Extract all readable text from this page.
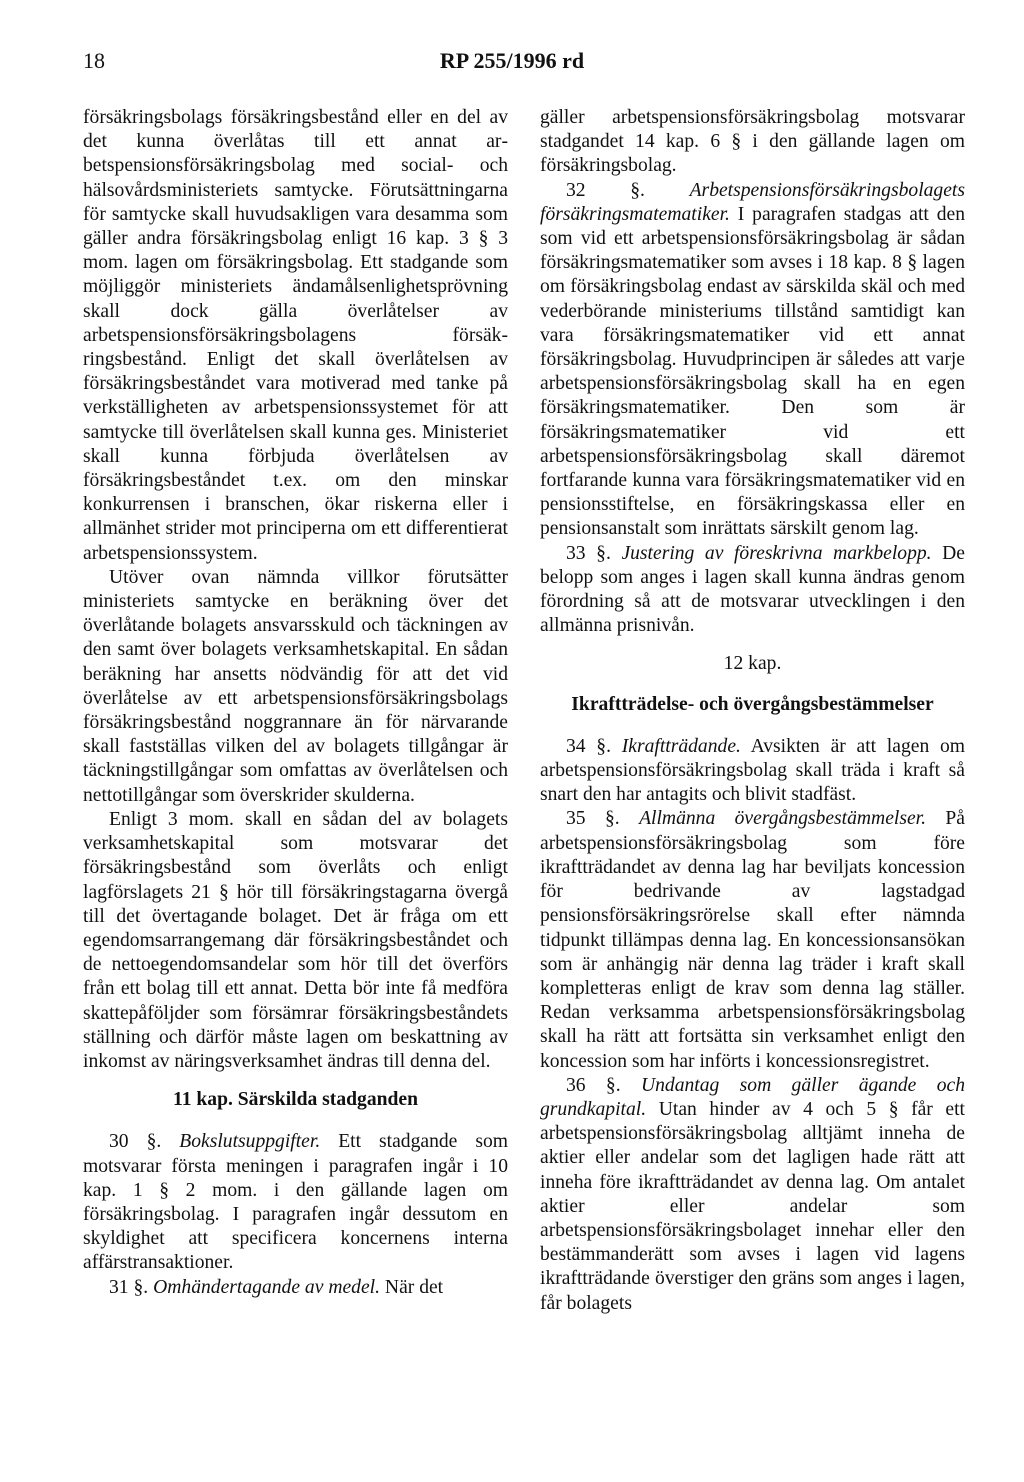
18	RP 255/1996 rd

försäkringsbolags försäkringsbestånd eller en del av det kunna överlåtas till ett annat arbetspensionsförsäkringsbolag med social- och hälsovårdsministeriets samtycke. Förutsättningarna för samtycke skall huvudsakligen vara desamma som gäller andra försäkringsbolag enligt 16 kap. 3 § 3 mom. lagen om försäkringsbolag. Ett stadgande som möjliggör ministeriets ändamålsenlighetsprövning skall dock gälla överlåtelser av arbetspensionsförsäkringsbolagens försäkringsbestånd. Enligt det skall överlåtelsen av försäkringsbeståndet vara motiverad med tanke på verkställigheten av arbetspensionssystemet för att samtycke till överlåtelsen skall kunna ges. Ministeriet skall kunna förbjuda överlåtelsen av försäkringsbeståndet t.ex. om den minskar konkurrensen i branschen, ökar riskerna eller i allmänhet strider mot principerna om ett differentierat arbetspensionssystem.

Utöver ovan nämnda villkor förutsätter ministeriets samtycke en beräkning över det överlåtande bolagets ansvarsskuld och täckningen av den samt över bolagets verksamhetskapital. En sådan beräkning har ansetts nödvändig för att det vid överlåtelse av ett arbetspensionsförsäkringsbolags försäkringsbestånd noggrannare än för närvarande skall fastställas vilken del av bolagets tillgångar är täckningstillgångar som omfattas av överlåtelsen och nettotillgångar som överskrider skulderna.

Enligt 3 mom. skall en sådan del av bolagets verksamhetskapital som motsvarar det försäkringsbestånd som överlåts och enligt lagförslagets 21 § hör till försäkringstagarna övergå till det övertagande bolaget. Det är fråga om ett egendomsarrangemang där försäkringsbeståndet och de nettoegendomsandelar som hör till det överförs från ett bolag till ett annat. Detta bör inte få medföra skattepåföljder som försämrar försäkringsbeståndets ställning och därför måste lagen om beskattning av inkomst av näringsverksamhet ändras till denna del.

11 kap. Särskilda stadganden

30 §. Bokslutsuppgifter. Ett stadgande som motsvarar första meningen i paragrafen ingår i 10 kap. 1 § 2 mom. i den gällande lagen om försäkringsbolag. I paragrafen ingår dessutom en skyldighet att specificera koncernens interna affärstransaktioner.

31 §. Omhändertagande av medel. När det

gäller arbetspensionsförsäkringsbolag motsvarar stadgandet 14 kap. 6 § i den gällande lagen om försäkringsbolag.

32 §. Arbetspensionsförsäkringsbolagets försäkringsmatematiker. I paragrafen stadgas att den som vid ett arbetspensionsförsäkringsbolag är sådan försäkringsmatematiker som avses i 18 kap. 8 § lagen om försäkringsbolag endast av särskilda skäl och med vederbörande ministeriums tillstånd samtidigt kan vara försäkringsmatematiker vid ett annat försäkringsbolag. Huvudprincipen är således att varje arbetspensionsförsäkringsbolag skall ha en egen försäkringsmatematiker. Den som är försäkringsmatematiker vid ett arbetspensionsförsäkringsbolag skall däremot fortfarande kunna vara försäkringsmatematiker vid en pensionsstiftelse, en försäkringskassa eller en pensionsanstalt som inrättats särskilt genom lag.

33 §. Justering av föreskrivna markbelopp. De belopp som anges i lagen skall kunna ändras genom förordning så att de motsvarar utvecklingen i den allmänna prisnivån.

12 kap.

Ikraftträdelse- och övergångsbestämmelser

34 §. Ikraftträdande. Avsikten är att lagen om arbetspensionsförsäkringsbolag skall träda i kraft så snart den har antagits och blivit stadfäst.

35 §. Allmänna övergångsbestämmelser. På arbetspensionsförsäkringsbolag som före ikraftträdandet av denna lag har beviljats koncession för bedrivande av lagstadgad pensionsförsäkringsrörelse skall efter nämnda tidpunkt tillämpas denna lag. En koncessionsansökan som är anhängig när denna lag träder i kraft skall kompletteras enligt de krav som denna lag ställer. Redan verksamma arbetspensionsförsäkringsbolag skall ha rätt att fortsätta sin verksamhet enligt den koncession som har införts i koncessionsregistret.

36 §. Undantag som gäller ägande och grundkapital. Utan hinder av 4 och 5 § får ett arbetspensionsförsäkringsbolag alltjämt inneha de aktier eller andelar som det lagligen hade rätt att inneha före ikraftträdandet av denna lag. Om antalet aktier eller andelar som arbetspensionsförsäkringsbolaget innehar eller den bestämmanderätt som avses i lagen vid lagens ikraftträdande överstiger den gräns som anges i lagen, får bolagets
